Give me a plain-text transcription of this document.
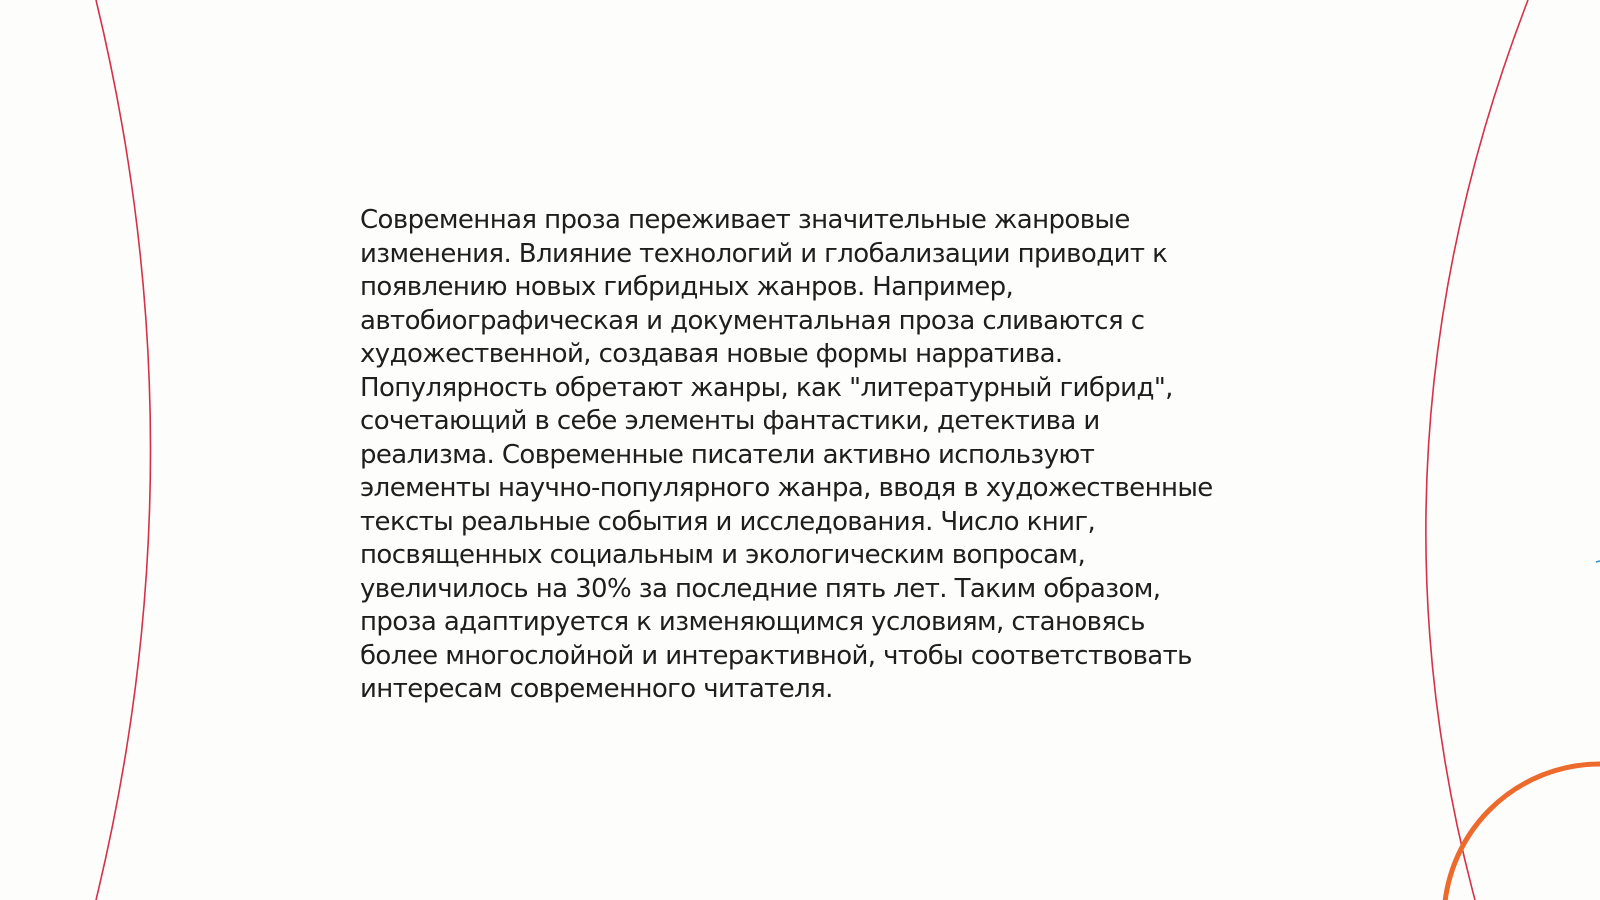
Современная проза переживает значительные жанровые
изменения. Влияние технологий и глобализации приводит к
появлению новых гибридных жанров. Например,
автобиографическая и документальная проза сливаются с
художественной, создавая новые формы нарратива.
Популярность обретают жанры, как "литературный гибрид",
сочетающий в себе элементы фантастики, детектива и
реализма. Современные писатели активно используют
элементы научно-популярного жанра, вводя в художественные
тексты реальные события и исследования. Число книг,
посвященных социальным и экологическим вопросам,
увеличилось на 30% за последние пять лет. Таким образом,
проза адаптируется к изменяющимся условиям, становясь
более многослойной и интерактивной, чтобы соответствовать
интересам современного читателя.
